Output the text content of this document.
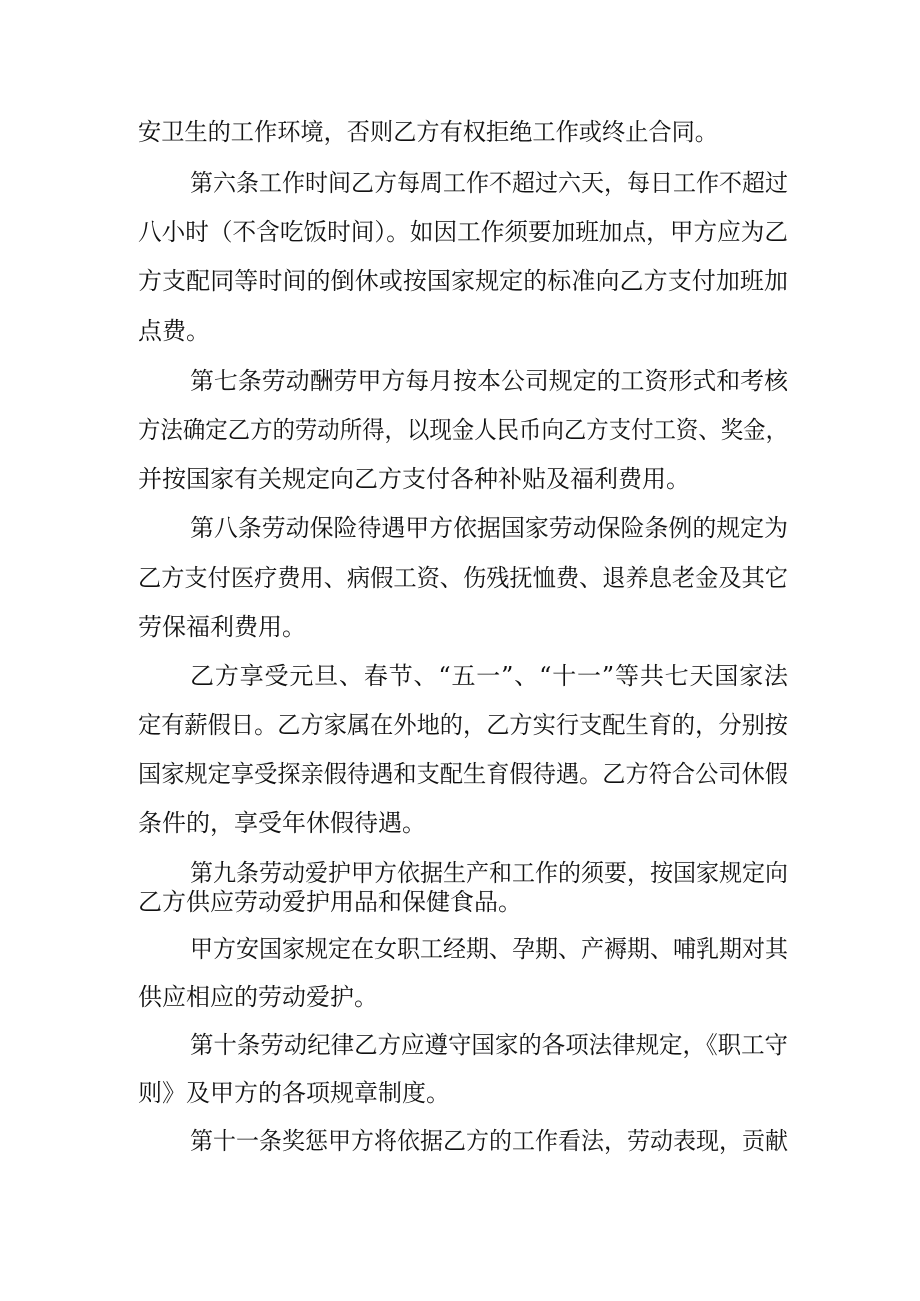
安卫生的工作环境，否则乙方有权拒绝工作或终止合同。
第六条工作时间乙方每周工作不超过六天，每日工作不超过
八小时（不含吃饭时间）。如因工作须要加班加点，甲方应为乙
方支配同等时间的倒休或按国家规定的标准向乙方支付加班加
点费。
第七条劳动酬劳甲方每月按本公司规定的工资形式和考核
方法确定乙方的劳动所得，以现金人民币向乙方支付工资、奖金，
并按国家有关规定向乙方支付各种补贴及福利费用。
第八条劳动保险待遇甲方依据国家劳动保险条例的规定为
乙方支付医疗费用、病假工资、伤残抚恤费、退养息老金及其它
劳保福利费用。
乙方享受元旦、春节、“五一”、“十一”等共七天国家法
定有薪假日。乙方家属在外地的，乙方实行支配生育的，分别按
国家规定享受探亲假待遇和支配生育假待遇。乙方符合公司休假
条件的，享受年休假待遇。
第九条劳动爱护甲方依据生产和工作的须要，按国家规定向
乙方供应劳动爱护用品和保健食品。
甲方安国家规定在女职工经期、孕期、产褥期、哺乳期对其
供应相应的劳动爱护。
第十条劳动纪律乙方应遵守国家的各项法律规定，《职工守
则》及甲方的各项规章制度。
第十一条奖惩甲方将依据乙方的工作看法，劳动表现，贡献
